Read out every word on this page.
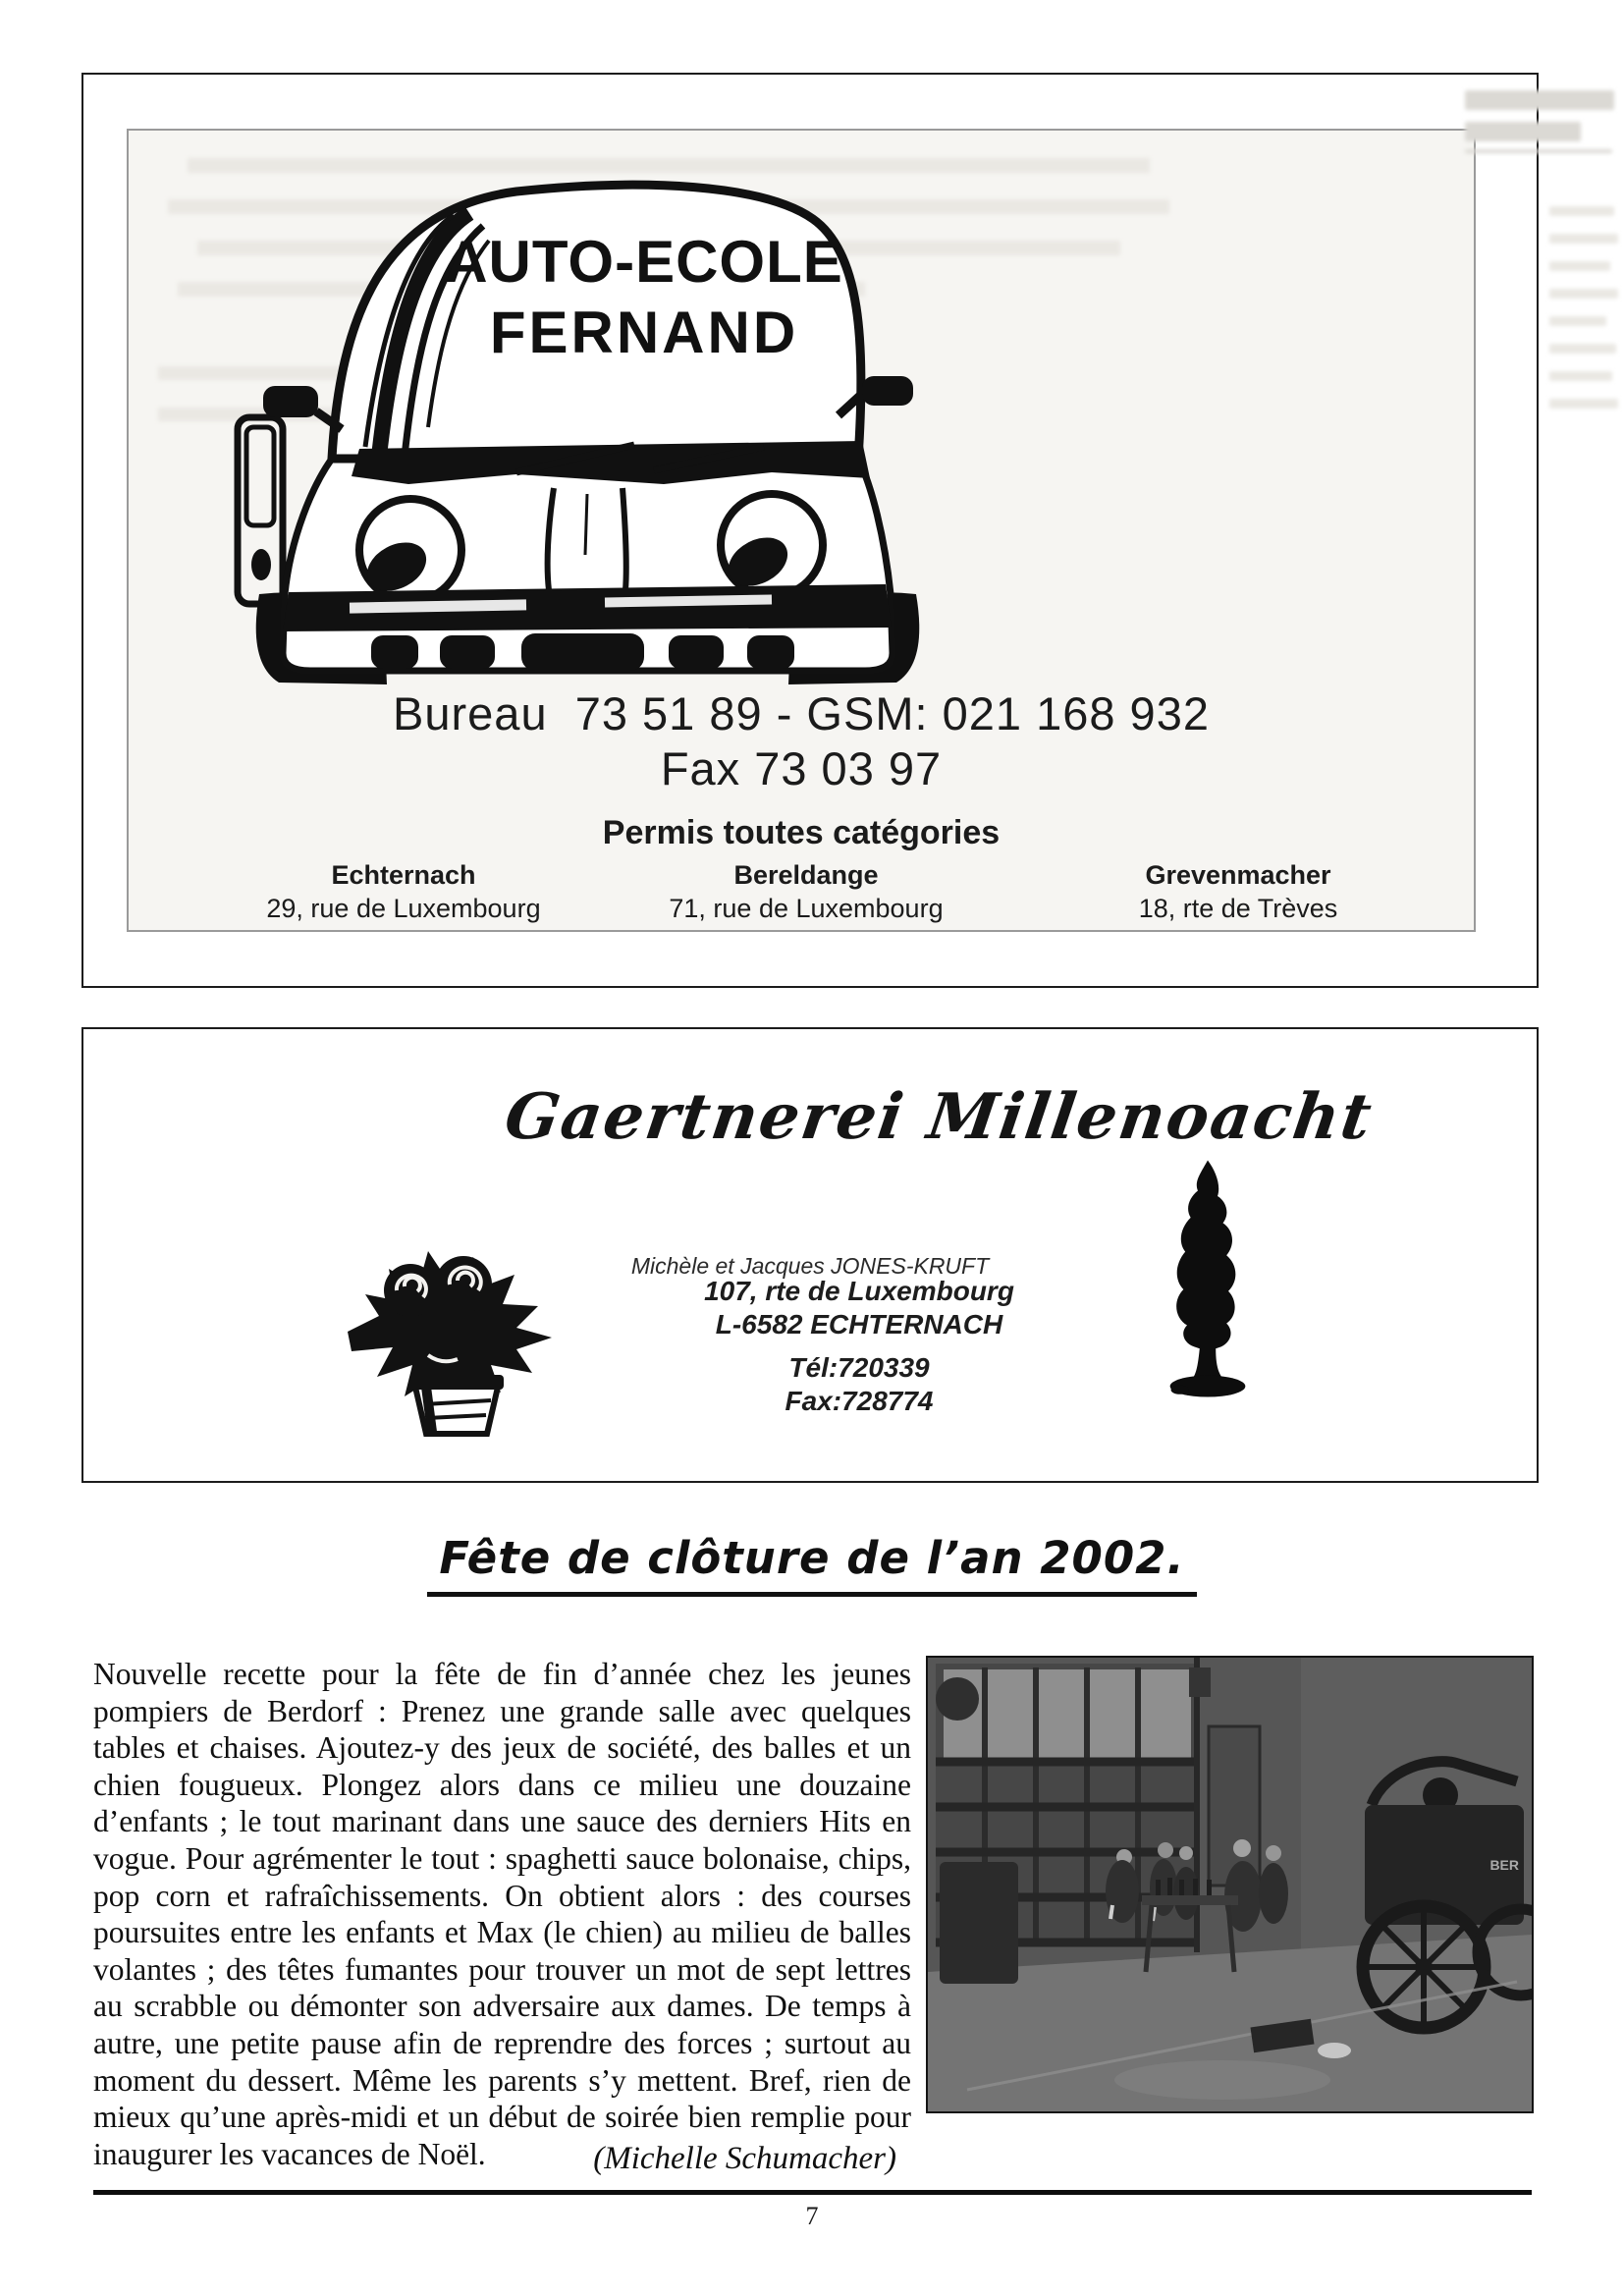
AUTO-ECOLE
FERNAND
Bureau  73 51 89 - GSM: 021 168 932
Fax 73 03 97
Permis toutes catégories
Echternach
29, rue de Luxembourg
Bereldange
71, rue de Luxembourg
Grevenmacher
18, rte de Trèves
Gaertnerei Millenoacht
Michèle et Jacques JONES-KRUFT
107, rte de Luxembourg
L-6582 ECHTERNACH
Tél:720339
Fax:728774
Fête de clôture de l’an 2002.
Nouvelle recette pour la fête de fin d’année chez les jeunes pompiers de Berdorf : Prenez une grande salle avec quelques tables et chaises. Ajoutez-y des jeux de société, des balles et un chien fougueux. Plongez alors dans ce milieu une douzaine d’enfants ; le tout marinant dans une sauce des derniers Hits en vogue. Pour agrémenter le tout : spaghetti sauce bolonaise, chips, pop corn et rafraîchissements. On obtient alors : des courses poursuites entre les enfants et Max (le chien) au milieu de balles volantes ; des têtes fumantes pour trouver un mot de sept lettres au scrabble ou démonter son adversaire aux dames. De temps à autre, une petite pause afin de reprendre des forces ; surtout au moment du dessert. Même les parents s’y mettent. Bref, rien de mieux qu’une après-midi et un début de soirée bien remplie pour inaugurer les vacances de Noël.	(Michelle Schumacher)
BER
7
